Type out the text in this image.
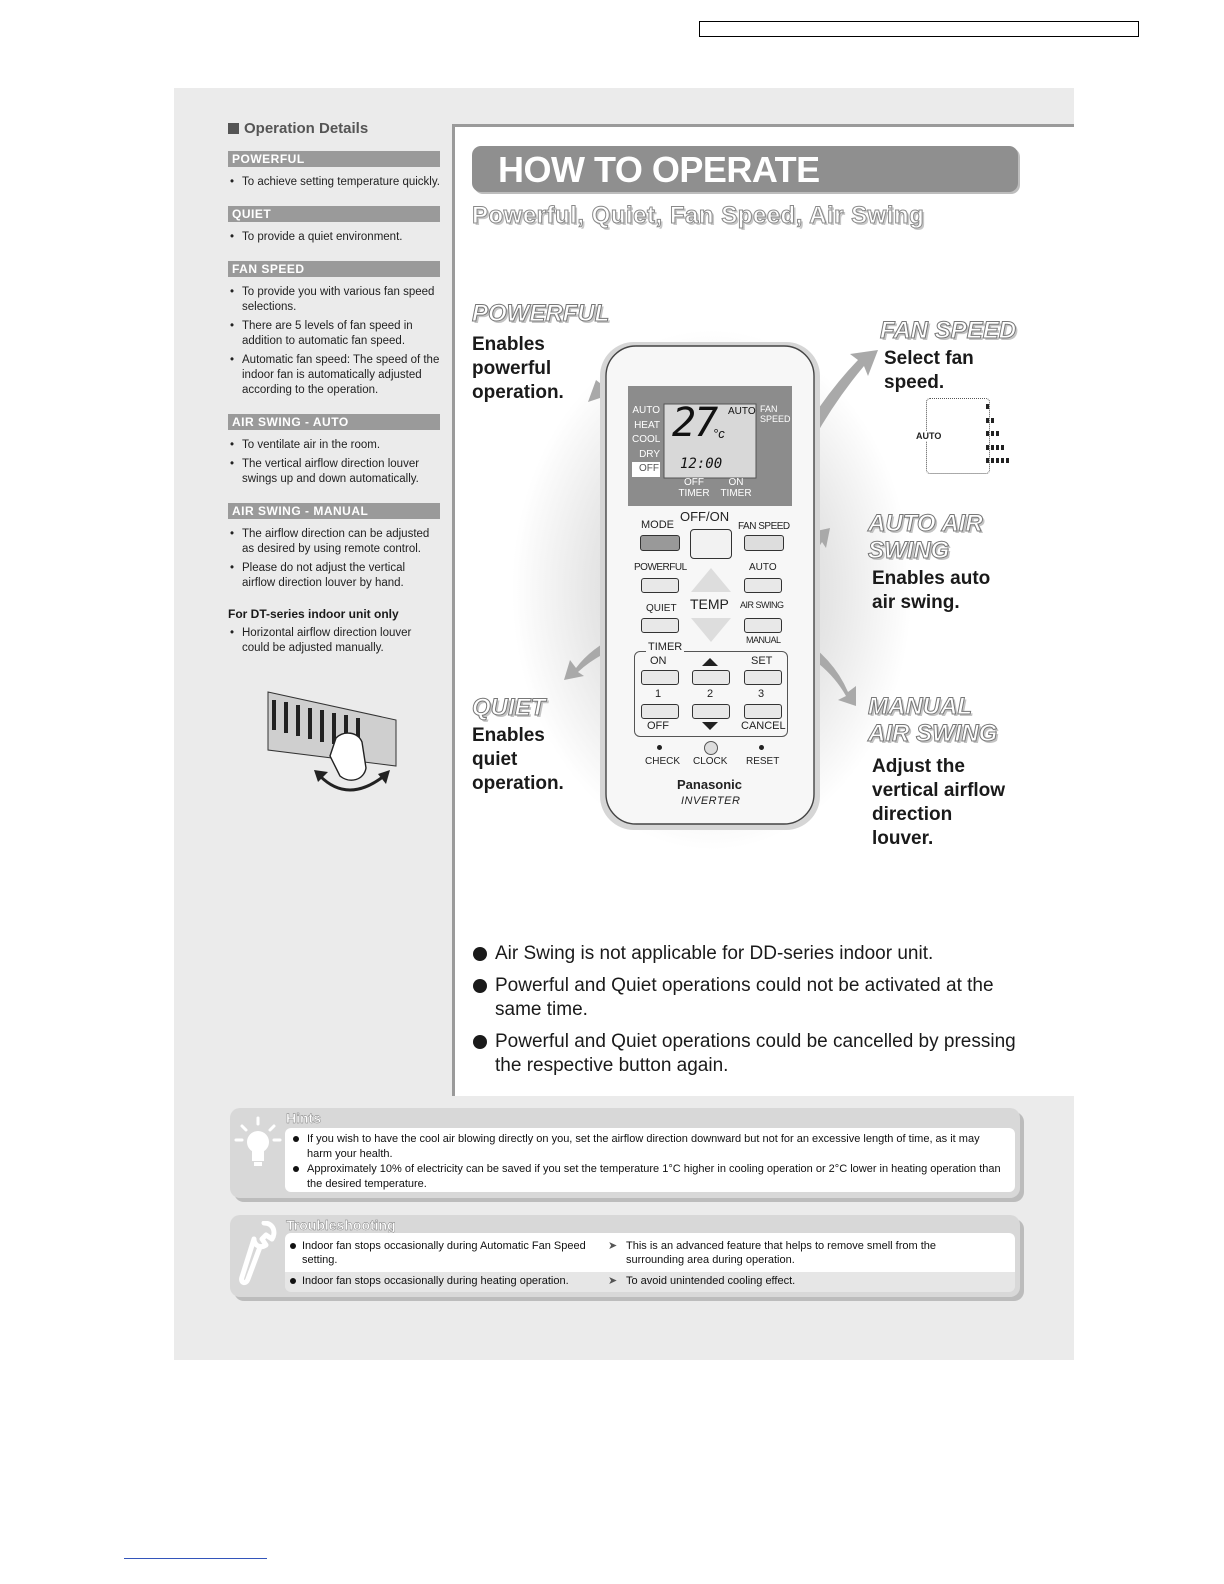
Operation Details
POWERFUL
• To achieve setting temperature quickly.
QUIET
• To provide a quiet environment.
FAN SPEED
• To provide you with various fan speed selections.
• There are 5 levels of fan speed in addition to automatic fan speed.
• Automatic fan speed: The speed of the indoor fan is automatically adjusted according to the operation.
AIR SWING - AUTO
• To ventilate air in the room.
• The vertical airflow direction louver swings up and down automatically.
AIR SWING - MANUAL
• The airflow direction can be adjusted as desired by using remote control.
• Please do not adjust the vertical airflow direction louver by hand.
For DT-series indoor unit only
• Horizontal airflow direction louver could be adjusted manually.
HOW TO OPERATE
Powerful, Quiet, Fan Speed, Air Swing
AUTO
HEAT
COOL
DRY
OFF
27
°c
AUTO FAN
SPEED
12:00
OFF
TIMER
ON
TIMER
OFF/ON
MODE	FAN SPEED
POWERFUL	AUTO
TEMP
QUIET	AIR SWING
MANUAL
TIMER
ON	SET
1	2	3
OFF	CANCEL
CHECK CLOCK RESET
Panasonic
INVERTER
AUTO
POWERFUL
Enables
powerful
operation.
FAN SPEED
Select fan
speed.
AUTO AIR
SWING
Enables auto
air swing.
QUIET
Enables
quiet
operation.
MANUAL
AIR SWING
Adjust the
vertical airflow
direction
louver.
Air Swing is not applicable for DD-series indoor unit.
Powerful and Quiet operations could not be activated at the same time.
Powerful and Quiet operations could be cancelled by pressing the respective button again.
Hints
If you wish to have the cool air blowing directly on you, set the airflow direction downward but not for an excessive length of time, as it may harm your health.
Approximately 10% of electricity can be saved if you set the temperature 1°C higher in cooling operation or 2°C lower in heating operation than the desired temperature.
Troubleshooting
Indoor fan stops occasionally during Automatic Fan Speed setting.
➤ This is an advanced feature that helps to remove smell from the surrounding area during operation.
Indoor fan stops occasionally during heating operation.	➤ To avoid unintended cooling effect.
